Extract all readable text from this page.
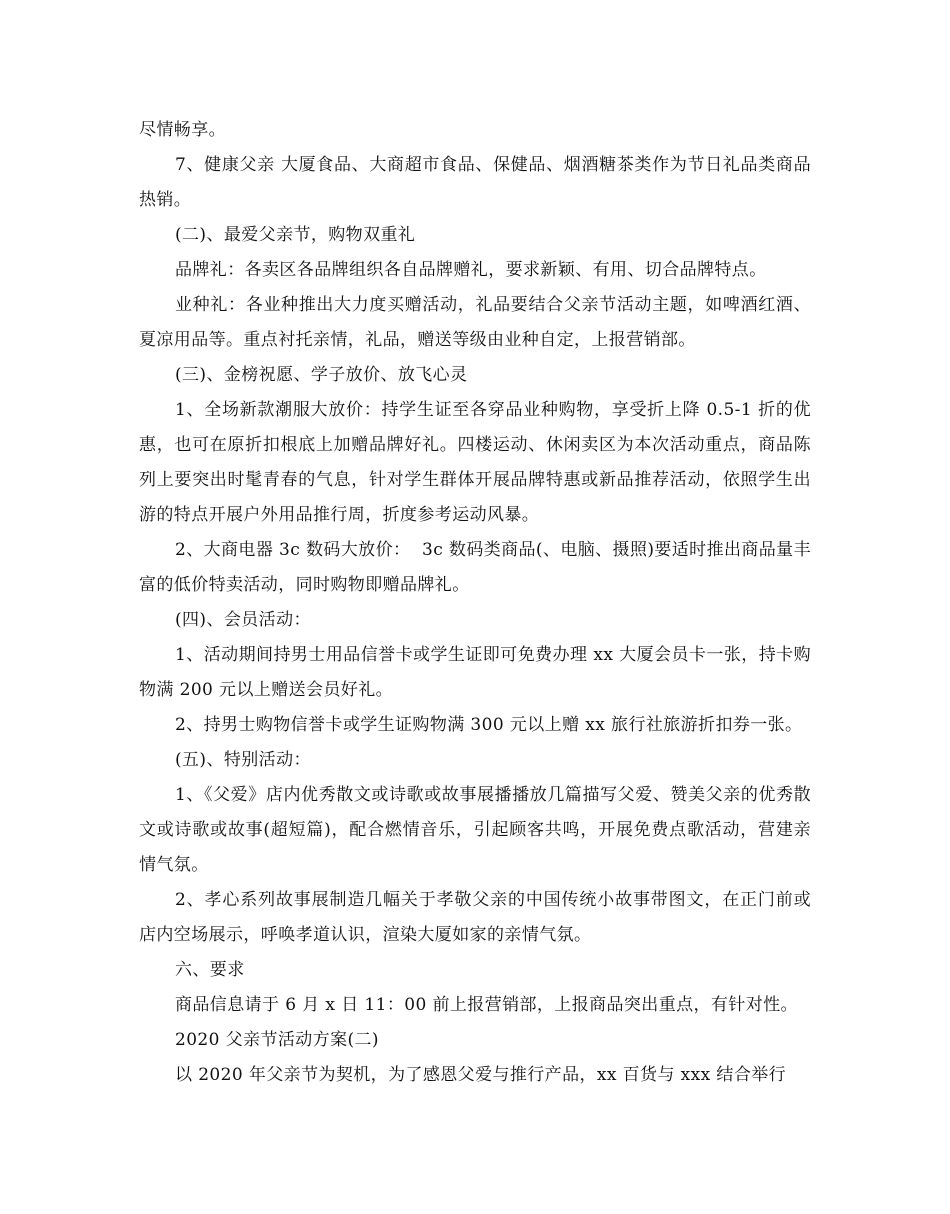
尽情畅享。

7、健康父亲 大厦食品、大商超市食品、保健品、烟酒糖茶类作为节日礼品类商品热销。

(二)、最爱父亲节，购物双重礼

品牌礼：各卖区各品牌组织各自品牌赠礼，要求新颖、有用、切合品牌特点。

业种礼：各业种推出大力度买赠活动，礼品要结合父亲节活动主题，如啤酒红酒、夏凉用品等。重点衬托亲情，礼品，赠送等级由业种自定，上报营销部。

(三)、金榜祝愿、学子放价、放飞心灵

1、全场新款潮服大放价：持学生证至各穿品业种购物，享受折上降 0.5-1 折的优惠，也可在原折扣根底上加赠品牌好礼。四楼运动、休闲卖区为本次活动重点，商品陈列上要突出时髦青春的气息，针对学生群体开展品牌特惠或新品推荐活动，依照学生出游的特点开展户外用品推行周，折度参考运动风暴。

2、大商电器 3c 数码大放价：  3c 数码类商品(、电脑、摄照)要适时推出商品量丰富的低价特卖活动，同时购物即赠品牌礼。

(四)、会员活动：

1、活动期间持男士用品信誉卡或学生证即可免费办理 xx 大厦会员卡一张，持卡购物满 200 元以上赠送会员好礼。

2、持男士购物信誉卡或学生证购物满 300 元以上赠 xx 旅行社旅游折扣券一张。

(五)、特别活动：

1、《父爱》店内优秀散文或诗歌或故事展播播放几篇描写父爱、赞美父亲的优秀散文或诗歌或故事(超短篇)，配合燃情音乐，引起顾客共鸣，开展免费点歌活动，营建亲情气氛。

2、孝心系列故事展制造几幅关于孝敬父亲的中国传统小故事带图文，在正门前或店内空场展示，呼唤孝道认识，渲染大厦如家的亲情气氛。

六、要求

商品信息请于 6 月 x 日 11：00 前上报营销部，上报商品突出重点，有针对性。

2020 父亲节活动方案(二)

以 2020 年父亲节为契机，为了感恩父爱与推行产品，xx 百货与 xxx 结合举行
